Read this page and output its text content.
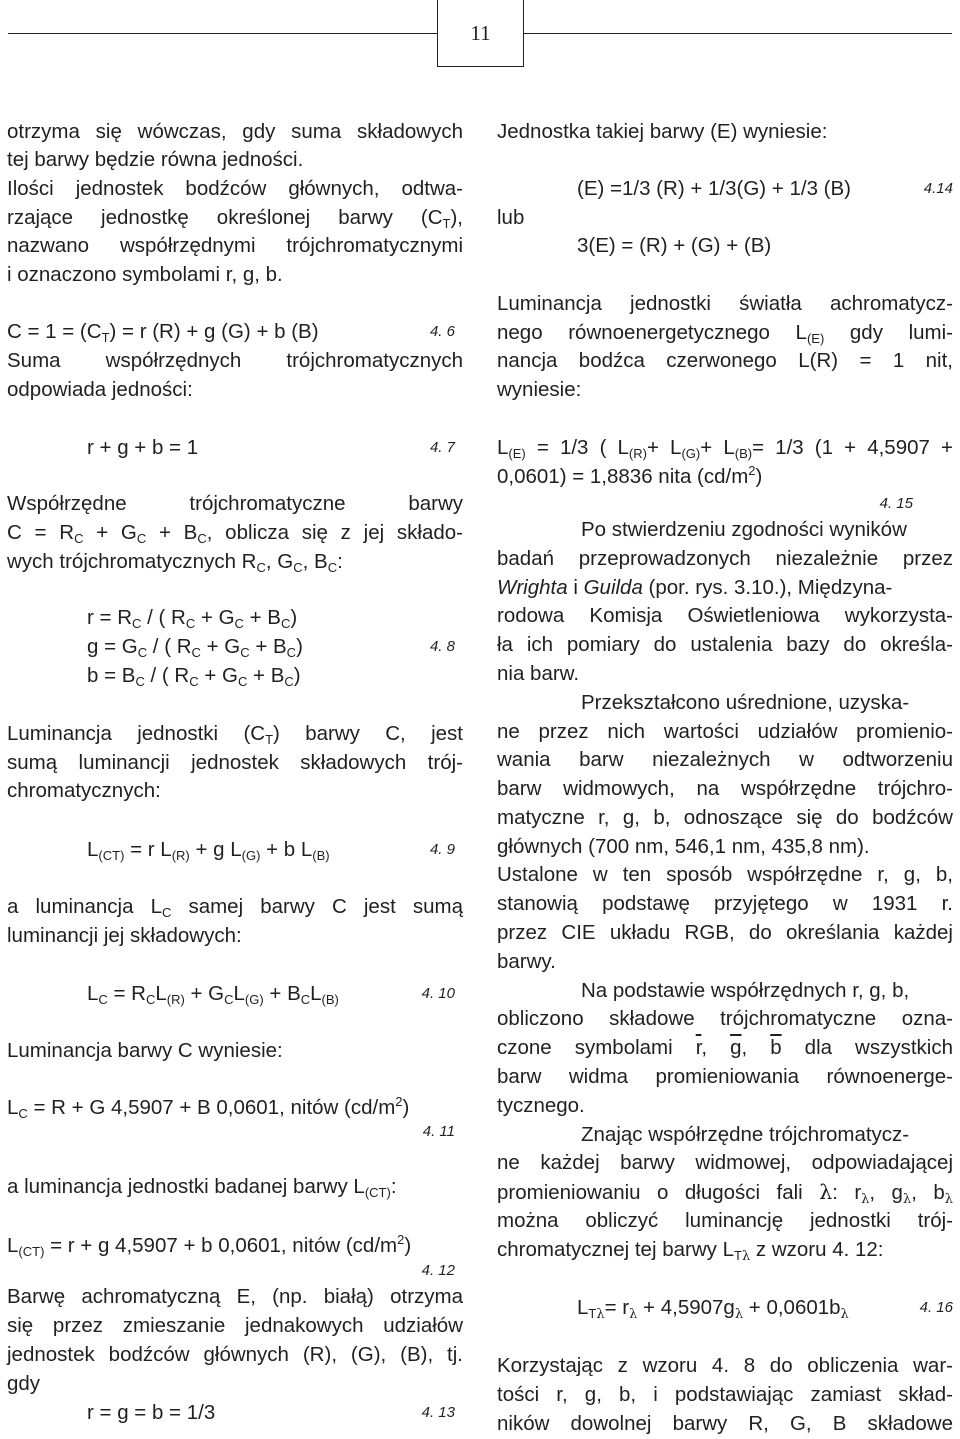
11
otrzyma się wówczas, gdy suma składowych
tej barwy będzie równa jedności.
Ilości jednostek bodźców głównych, odtwa-
rzające jednostkę określonej barwy $(C_T)$,
nazwano współrzędnymi trójchromatycznymi
i oznaczono symbolami r, g, b.
$C = 1 = (C_T) = r$ (R) + g (G) + b (B)	4. 6
Suma współrzędnych trójchromatycznych
odpowiada jedności:
r + g + b = 1	4. 7
Współrzędne trójchromatyczne barwy
$C = R_C + G_C + B_C$, oblicza się z jej składo-
wych trójchromatycznych $R_C$, $G_C$, $B_C$:
$r = R_C$ / ( $R_C + G_C + B_C$)
$g = G_C$ / ( $R_C + G_C + B_C$)	4. 8
$b = B_C$ / ( $R_C + G_C + B_C$)
Luminancja jednostki $(C_T)$ barwy C, jest
sumą luminancji jednostek składowych trój-
chromatycznych:
$L_{(CT)} = r$ $L_{(R)} + g$ $L_{(G)} + b$ $L_{(B)}$	4. 9
a luminancja $L_C$ samej barwy C jest sumą
luminancji jej składowych:
$L_C = R_CL_{(R)} + G_CL_{(G)} + B_CL_{(B)}$	4. 10
Luminancja barwy C wyniesie:
$L_C = R + G$ 4,5907 + B 0,0601, nitów $(cd/m^2)$
4. 11
a luminancja jednostki badanej barwy $L_{(CT)}$:
$L_{(CT)} = r + g$ 4,5907 + b 0,0601, nitów $(cd/m^2)$
4. 12
Barwę achromatyczną E, (np. białą) otrzyma
się przez zmieszanie jednakowych udziałów
jednostek bodźców głównych (R), (G), (B), tj.
gdy
r = g = b = 1/3	4. 13
Jednostka takiej barwy (E) wyniesie:
(E) =1/3 (R) + 1/3(G) + 1/3 (B)	4.14
lub
3(E) = (R) + (G) + (B)
Luminancja jednostki światła achromatycz-
nego równoenergetycznego $L_{(E)}$ gdy lumi-
nancja bodźca czerwonego L(R) = 1 nit,
wyniesie:
$L_{(E)} = 1/3$ ( $L_{(R)}+ L_{(G)}+ L_{(B)}= 1/3$ (1 + 4,5907 +
0,0601) = 1,8836 nita $(cd/m^2)$
4. 15
Po stwierdzeniu zgodności wyników
badań przeprowadzonych niezależnie przez
Wrighta i Guilda (por. rys. 3.10.), Międzyna-
rodowa Komisja Oświetleniowa wykorzysta-
ła ich pomiary do ustalenia bazy do określa-
nia barw.
Przekształcono uśrednione, uzyska-
ne przez nich wartości udziałów promienio-
wania barw niezależnych w odtworzeniu
barw widmowych, na współrzędne trójchro-
matyczne r, g, b, odnoszące się do bodźców
głównych (700 nm, 546,1 nm, 435,8 nm).
Ustalone w ten sposób współrzędne r, g, b,
stanowią podstawę przyjętego w 1931 r.
przez CIE układu RGB, do określania każdej
barwy.
Na podstawie współrzędnych r, g, b,
obliczono składowe trójchromatyczne ozna-
czone symbolami $\overline{r}$, $\overline{g}$, $\overline{b}$ dla wszystkich
barw widma promieniowania równoenerge-
tycznego.
Znając współrzędne trójchromatycz-
ne każdej barwy widmowej, odpowiadającej
promieniowaniu o długości fali λ: $r_\lambda$, $g_\lambda$, $b_\lambda$
można obliczyć luminancję jednostki trój-
chromatycznej tej barwy $L_{T\lambda}$ z wzoru 4. 12:
$L_{T\lambda}= r_\lambda + 4,5907g_\lambda + 0,0601b_\lambda$	4. 16
Korzystając z wzoru 4. 8 do obliczenia war-
tości r, g, b, i podstawiając zamiast skład-
ników dowolnej barwy R, G, B składowe
